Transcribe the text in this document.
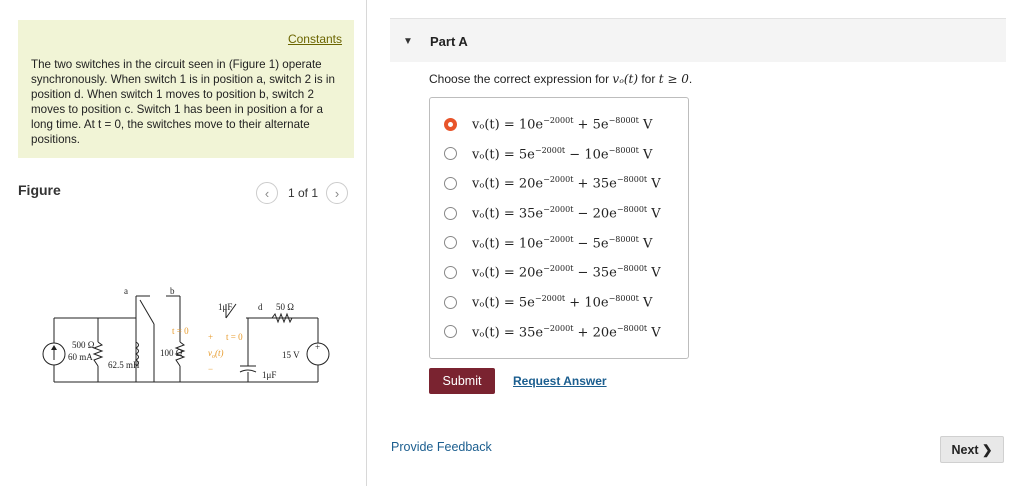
Constants
The two switches in the circuit seen in (Figure 1) operate synchronously. When switch 1 is in position a, switch 2 is in position d. When switch 1 moves to position b, switch 2 moves to position c. Switch 1 has been in position a for a long time. At t = 0, the switches move to their alternate positions.
Figure	‹	1 of 1	›
a	b
1μF	d
t = 0
t = 0
500 Ω
60 mA
62.5 mH
100 Ω
+
$v_o(t)$
−
50 Ω
1μF
15 V
+
▼ Part A
Choose the correct expression for vₒ(t) for t ≥ 0.
$v_o(t) = 10e^{-2000t} + 5e^{-8000t}$ V
$v_o(t) = 5e^{-2000t} - 10e^{-8000t}$ V
$v_o(t) = 20e^{-2000t} + 35e^{-8000t}$ V
$v_o(t) = 35e^{-2000t} - 20e^{-8000t}$ V
$v_o(t) = 10e^{-2000t} - 5e^{-8000t}$ V
$v_o(t) = 20e^{-2000t} - 35e^{-8000t}$ V
$v_o(t) = 5e^{-2000t} + 10e^{-8000t}$ V
$v_o(t) = 35e^{-2000t} + 20e^{-8000t}$ V
Submit	Request Answer
Provide Feedback	Next ❯
